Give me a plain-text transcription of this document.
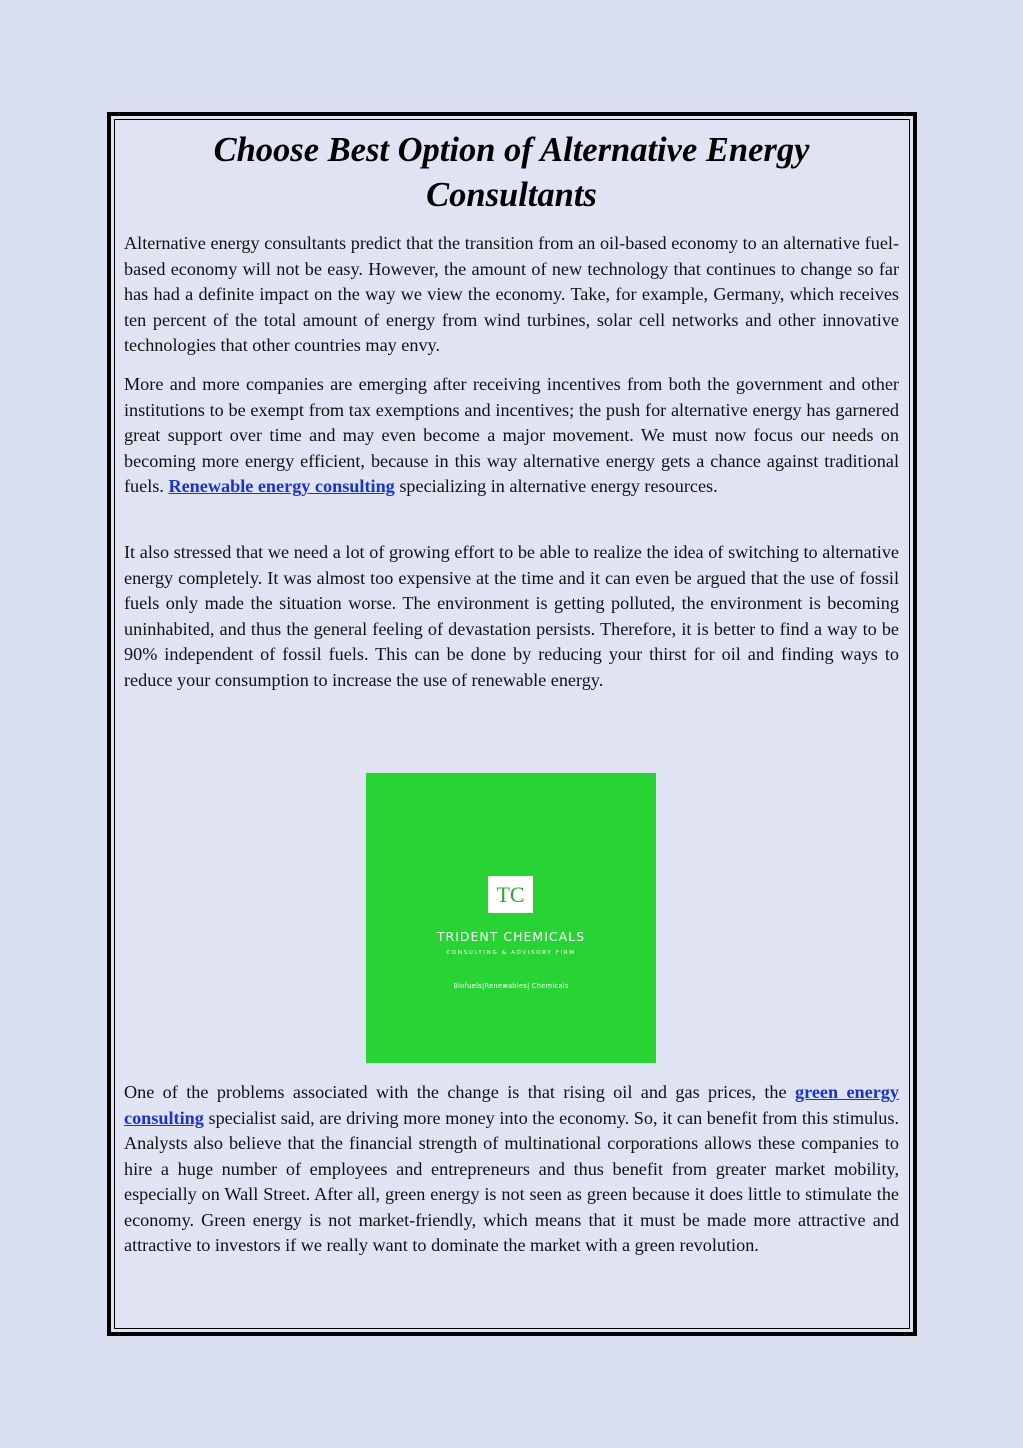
Choose Best Option of Alternative Energy Consultants

Alternative energy consultants predict that the transition from an oil-based economy to an alternative fuel-based economy will not be easy. However, the amount of new technology that continues to change so far has had a definite impact on the way we view the economy. Take, for example, Germany, which receives ten percent of the total amount of energy from wind turbines, solar cell networks and other innovative technologies that other countries may envy.

More and more companies are emerging after receiving incentives from both the government and other institutions to be exempt from tax exemptions and incentives; the push for alternative energy has garnered great support over time and may even become a major movement. We must now focus our needs on becoming more energy efficient, because in this way alternative energy gets a chance against traditional fuels. Renewable energy consulting specializing in alternative energy resources.

It also stressed that we need a lot of growing effort to be able to realize the idea of switching to alternative energy completely. It was almost too expensive at the time and it can even be argued that the use of fossil fuels only made the situation worse. The environment is getting polluted, the environment is becoming uninhabited, and thus the general feeling of devastation persists. Therefore, it is better to find a way to be 90% independent of fossil fuels. This can be done by reducing your thirst for oil and finding ways to reduce your consumption to increase the use of renewable energy.

One of the problems associated with the change is that rising oil and gas prices, the green energy consulting specialist said, are driving more money into the economy. So, it can benefit from this stimulus. Analysts also believe that the financial strength of multinational corporations allows these companies to hire a huge number of employees and entrepreneurs and thus benefit from greater market mobility, especially on Wall Street. After all, green energy is not seen as green because it does little to stimulate the economy. Green energy is not market-friendly, which means that it must be made more attractive and attractive to investors if we really want to dominate the market with a green revolution.

TC
TRIDENT CHEMICALS
CONSULTING & ADVISORY FIRM
Biofuels|Renewables| Chemicals
